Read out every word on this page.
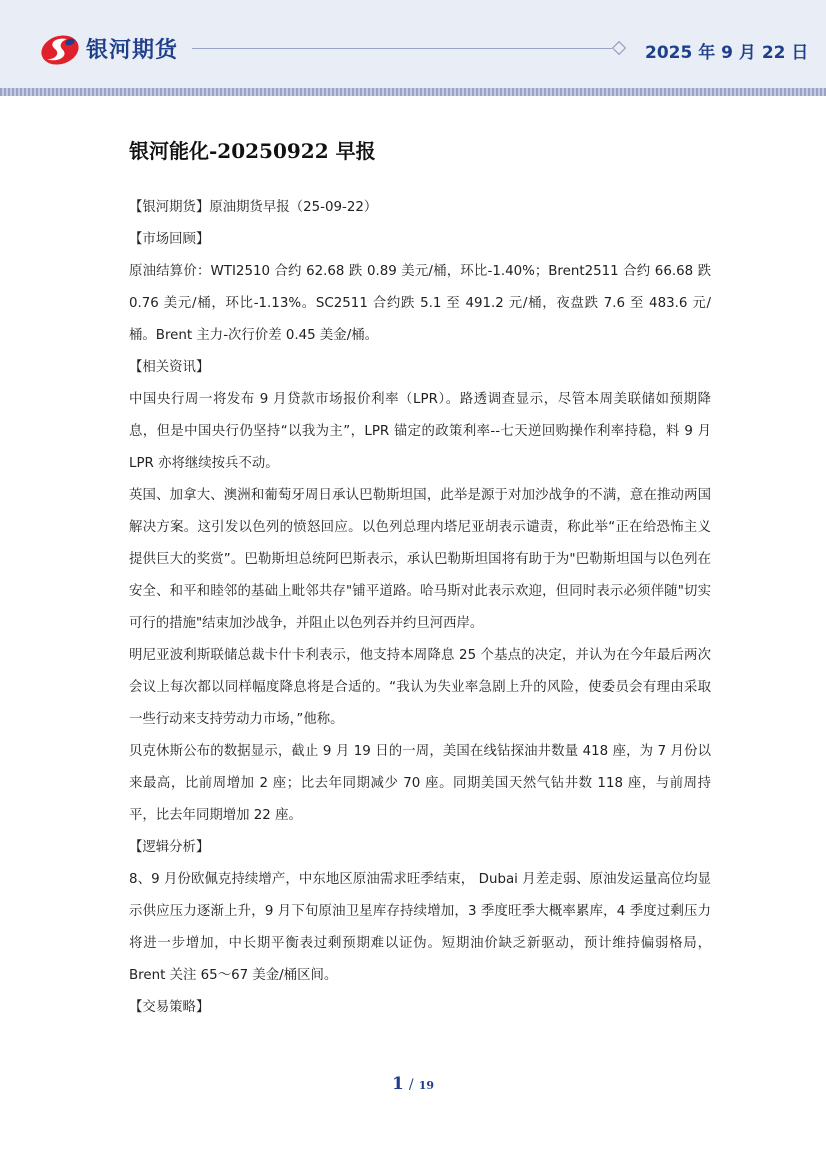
银河期货	2025 年 9 月 22 日
银河能化-20250922 早报

【银河期货】原油期货早报（25-09-22）

【市场回顾】

原油结算价：WTI2510 合约 62.68 跌 0.89 美元/桶，环比-1.40%；Brent2511 合约 66.68 跌 0.76 美元/桶，环比-1.13%。SC2511 合约跌 5.1 至 491.2 元/桶，夜盘跌 7.6 至 483.6 元/桶。Brent 主力-次行价差 0.45 美金/桶。

【相关资讯】

中国央行周一将发布 9 月贷款市场报价利率（LPR）。路透调查显示，尽管本周美联储如预期降息，但是中国央行仍坚持“以我为主”，LPR 锚定的政策利率--七天逆回购操作利率持稳，料 9 月 LPR 亦将继续按兵不动。

英国、加拿大、澳洲和葡萄牙周日承认巴勒斯坦国，此举是源于对加沙战争的不满，意在推动两国解决方案。这引发以色列的愤怒回应。以色列总理内塔尼亚胡表示谴责，称此举“正在给恐怖主义提供巨大的奖赏”。巴勒斯坦总统阿巴斯表示，承认巴勒斯坦国将有助于为"巴勒斯坦国与以色列在安全、和平和睦邻的基础上毗邻共存"铺平道路。哈马斯对此表示欢迎，但同时表示必须伴随"切实可行的措施"结束加沙战争，并阻止以色列吞并约旦河西岸。

明尼亚波利斯联储总裁卡什卡利表示，他支持本周降息 25 个基点的决定，并认为在今年最后两次会议上每次都以同样幅度降息将是合适的。“我认为失业率急剧上升的风险，使委员会有理由采取一些行动来支持劳动力市场，”他称。

贝克休斯公布的数据显示，截止 9 月 19 日的一周，美国在线钻探油井数量 418 座，为 7 月份以来最高，比前周增加 2 座；比去年同期减少 70 座。同期美国天然气钻井数 118 座，与前周持平，比去年同期增加 22 座。

【逻辑分析】

8、9 月份欧佩克持续增产，中东地区原油需求旺季结束， Dubai 月差走弱、原油发运量高位均显示供应压力逐渐上升，9 月下旬原油卫星库存持续增加，3 季度旺季大概率累库，4 季度过剩压力将进一步增加，中长期平衡表过剩预期难以证伪。短期油价缺乏新驱动，预计维持偏弱格局，Brent 关注 65～67 美金/桶区间。

【交易策略】

1 / 19
